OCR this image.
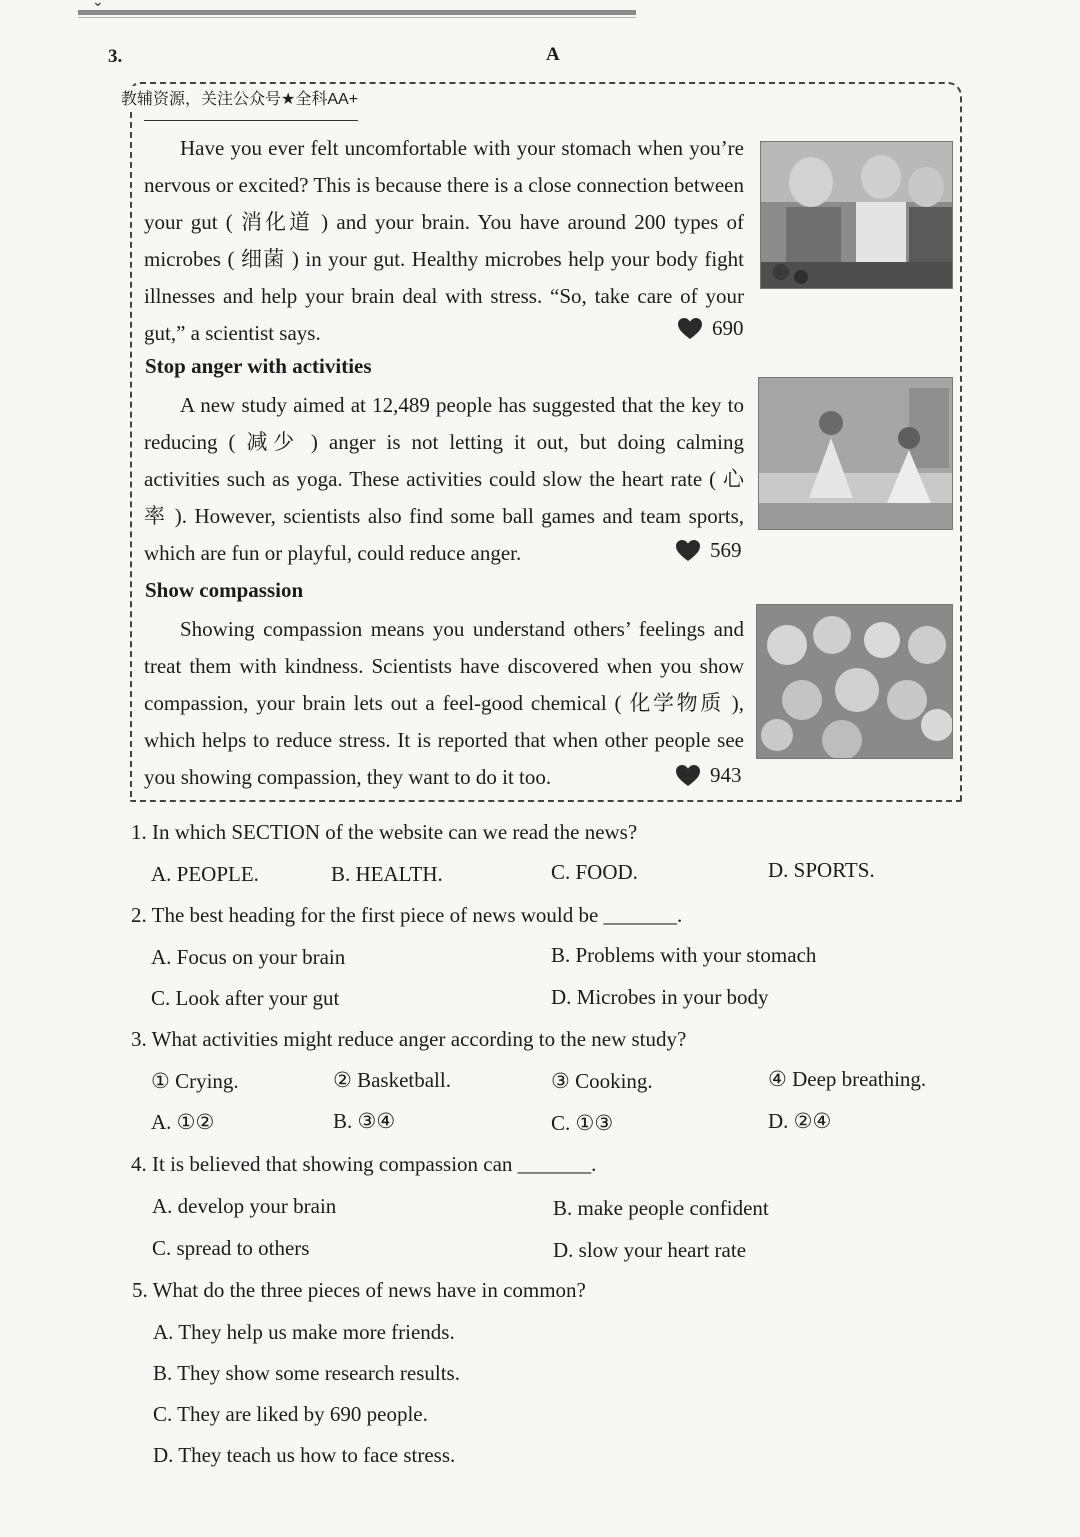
⌄
3.	A
教辅资源，关注公众号★全科AA+
Have you ever felt uncomfortable with your stomach when you’re nervous or excited? This is because there is a close connection between your gut ( 消化道 ) and your brain. You have around 200 types of microbes ( 细菌 ) in your gut. Healthy microbes help your body fight illnesses and help your brain deal with stress. “So, take care of your gut,” a scientist says.	690
Stop anger with activities
A new study aimed at 12,489 people has suggested that the key to reducing ( 减少 ) anger is not letting it out, but doing calming activities such as yoga. These activities could slow the heart rate ( 心率 ). However, scientists also find some ball games and team sports, which are fun or playful, could reduce anger.	569
Show compassion
Showing compassion means you understand others’ feelings and treat them with kindness. Scientists have discovered when you show compassion, your brain lets out a feel-good chemical ( 化学物质 ), which helps to reduce stress. It is reported that when other people see you showing compassion, they want to do it too.	943
1. In which SECTION of the website can we read the news?
A. PEOPLE.	B. HEALTH.	C. FOOD.	D. SPORTS.
2. The best heading for the first piece of news would be _______.
A. Focus on your brain	B. Problems with your stomach
C. Look after your gut	D. Microbes in your body
3. What activities might reduce anger according to the new study?
① Crying.	② Basketball.	③ Cooking.	④ Deep breathing.
A. ①②	B. ③④	C. ①③	D. ②④
4. It is believed that showing compassion can _______.
A. develop your brain	B. make people confident
C. spread to others	D. slow your heart rate
5. What do the three pieces of news have in common?
A. They help us make more friends.
B. They show some research results.
C. They are liked by 690 people.
D. They teach us how to face stress.
